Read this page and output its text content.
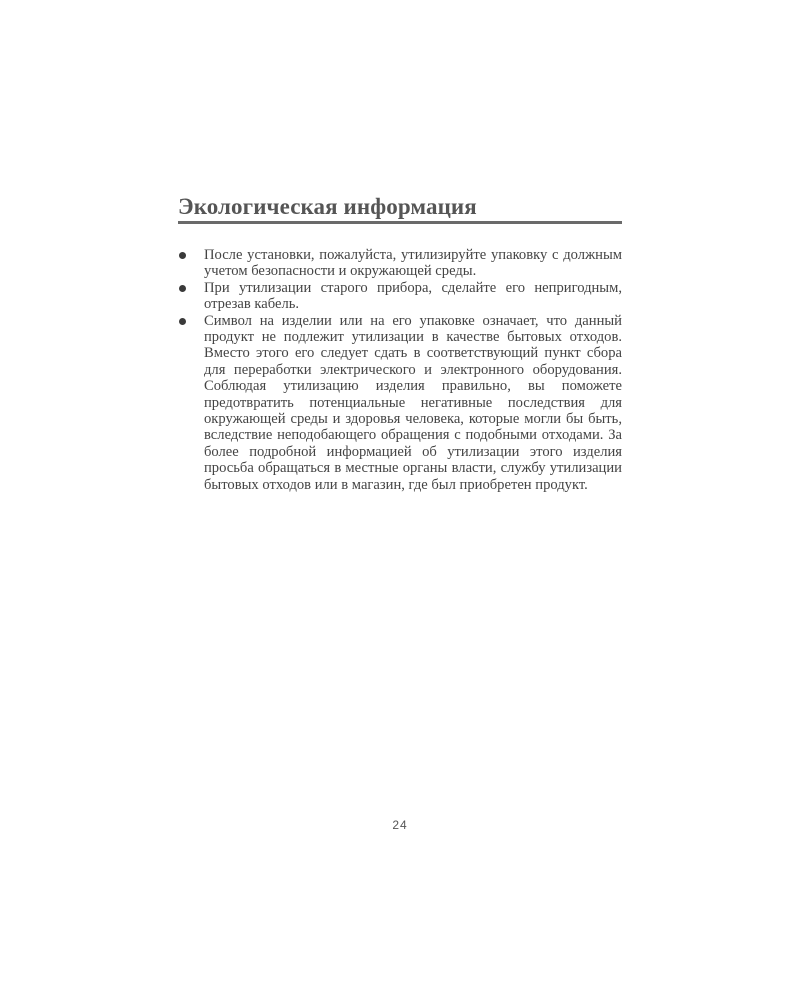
Экологическая информация
После установки, пожалуйста, утилизируйте упаковку с должным учетом безопасности и окружающей среды.
При утилизации старого прибора, сделайте его непригодным, отрезав кабель.
Символ на изделии или на его упаковке означает, что данный продукт не подлежит утилизации в качестве бытовых отходов. Вместо этого его следует сдать в соответствующий пункт сбора для переработки электрического и электронного оборудования. Соблюдая утилизацию изделия правильно, вы поможете предотвратить потенциальные негативные последствия для окружающей среды и здоровья человека, которые могли бы быть, вследствие неподобающего обращения с подобными отходами. За более подробной информацией об утилизации этого изделия просьба обращаться в местные органы власти, службу утилизации бытовых отходов или в магазин, где был приобретен продукт.
24
